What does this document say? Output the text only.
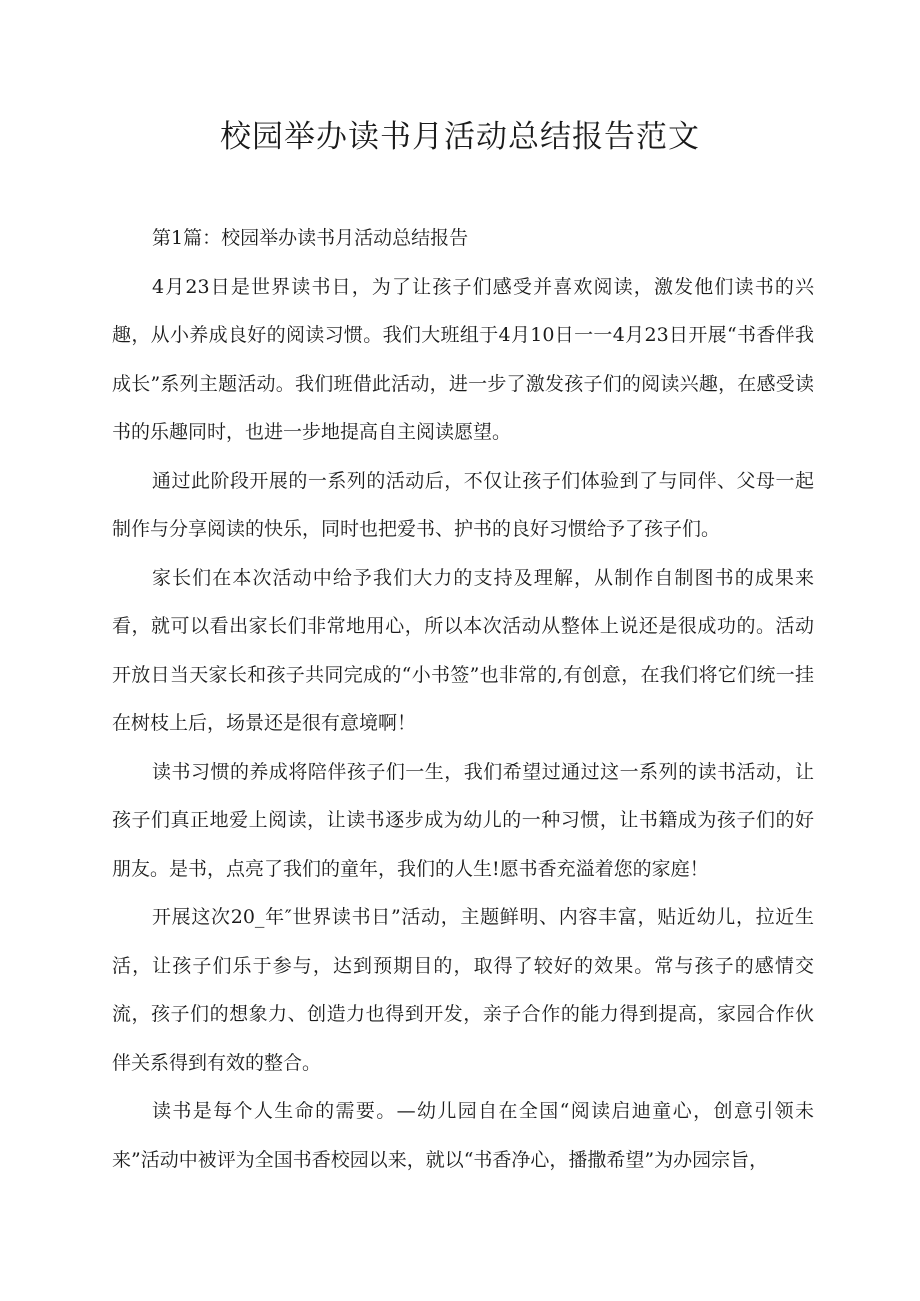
校园举办读书月活动总结报告范文

第1篇：校园举办读书月活动总结报告

4月23日是世界读书日，为了让孩子们感受并喜欢阅读，激发他们读书的兴趣，从小养成良好的阅读习惯。我们大班组于4月10日一一4月23日开展“书香伴我成长”系列主题活动。我们班借此活动，进一步了激发孩子们的阅读兴趣，在感受读书的乐趣同时，也进一步地提高自主阅读愿望。

通过此阶段开展的一系列的活动后，不仅让孩子们体验到了与同伴、父母一起制作与分享阅读的快乐，同时也把爱书、护书的良好习惯给予了孩子们。

家长们在本次活动中给予我们大力的支持及理解，从制作自制图书的成果来看，就可以看出家长们非常地用心，所以本次活动从整体上说还是很成功的。活动开放日当天家长和孩子共同完成的“小书签”也非常的,有创意，在我们将它们统一挂在树枝上后，场景还是很有意境啊！

读书习惯的养成将陪伴孩子们一生，我们希望过通过这一系列的读书活动，让孩子们真正地爱上阅读，让读书逐步成为幼儿的一种习惯，让书籍成为孩子们的好朋友。是书，点亮了我们的童年，我们的人生!愿书香充溢着您的家庭！

开展这次20_年″世界读书日”活动，主题鲜明、内容丰富，贴近幼儿，拉近生活，让孩子们乐于参与，达到预期目的，取得了较好的效果。常与孩子的感情交流，孩子们的想象力、创造力也得到开发，亲子合作的能力得到提高，家园合作伙伴关系得到有效的整合。

读书是每个人生命的需要。—幼儿园自在全国“阅读启迪童心，创意引领未来”活动中被评为全国书香校园以来，就以“书香净心，播撒希望”为办园宗旨，
